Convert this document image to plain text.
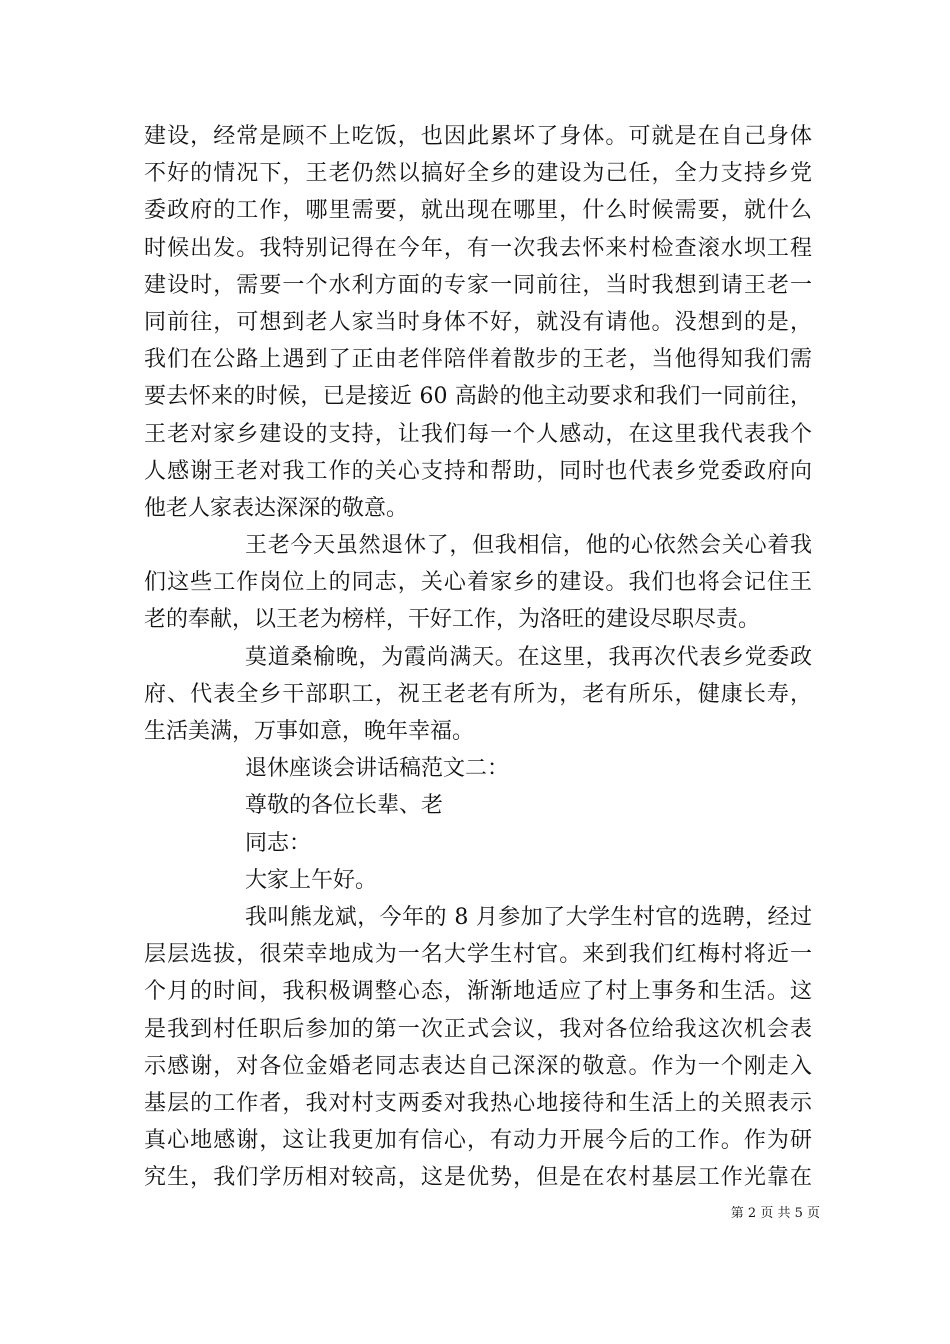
建设，经常是顾不上吃饭，也因此累坏了身体。可就是在自己身体
不好的情况下，王老仍然以搞好全乡的建设为己任，全力支持乡党
委政府的工作，哪里需要，就出现在哪里，什么时候需要，就什么
时候出发。我特别记得在今年，有一次我去怀来村检查滚水坝工程
建设时，需要一个水利方面的专家一同前往，当时我想到请王老一
同前往，可想到老人家当时身体不好，就没有请他。没想到的是，
我们在公路上遇到了正由老伴陪伴着散步的王老，当他得知我们需
要去怀来的时候，已是接近 60 高龄的他主动要求和我们一同前往，
王老对家乡建设的支持，让我们每一个人感动，在这里我代表我个
人感谢王老对我工作的关心支持和帮助，同时也代表乡党委政府向
他老人家表达深深的敬意。
王老今天虽然退休了，但我相信，他的心依然会关心着我
们这些工作岗位上的同志，关心着家乡的建设。我们也将会记住王
老的奉献，以王老为榜样，干好工作，为洛旺的建设尽职尽责。
莫道桑榆晚，为霞尚满天。在这里，我再次代表乡党委政
府、代表全乡干部职工，祝王老老有所为，老有所乐，健康长寿，
生活美满，万事如意，晚年幸福。
退休座谈会讲话稿范文二：
尊敬的各位长辈、老
同志：
大家上午好。
我叫熊龙斌，今年的 8 月参加了大学生村官的选聘，经过
层层选拔，很荣幸地成为一名大学生村官。来到我们红梅村将近一
个月的时间，我积极调整心态，渐渐地适应了村上事务和生活。这
是我到村任职后参加的第一次正式会议，我对各位给我这次机会表
示感谢，对各位金婚老同志表达自己深深的敬意。作为一个刚走入
基层的工作者，我对村支两委对我热心地接待和生活上的关照表示
真心地感谢，这让我更加有信心，有动力开展今后的工作。作为研
究生，我们学历相对较高，这是优势，但是在农村基层工作光靠在
第 2 页 共 5 页
